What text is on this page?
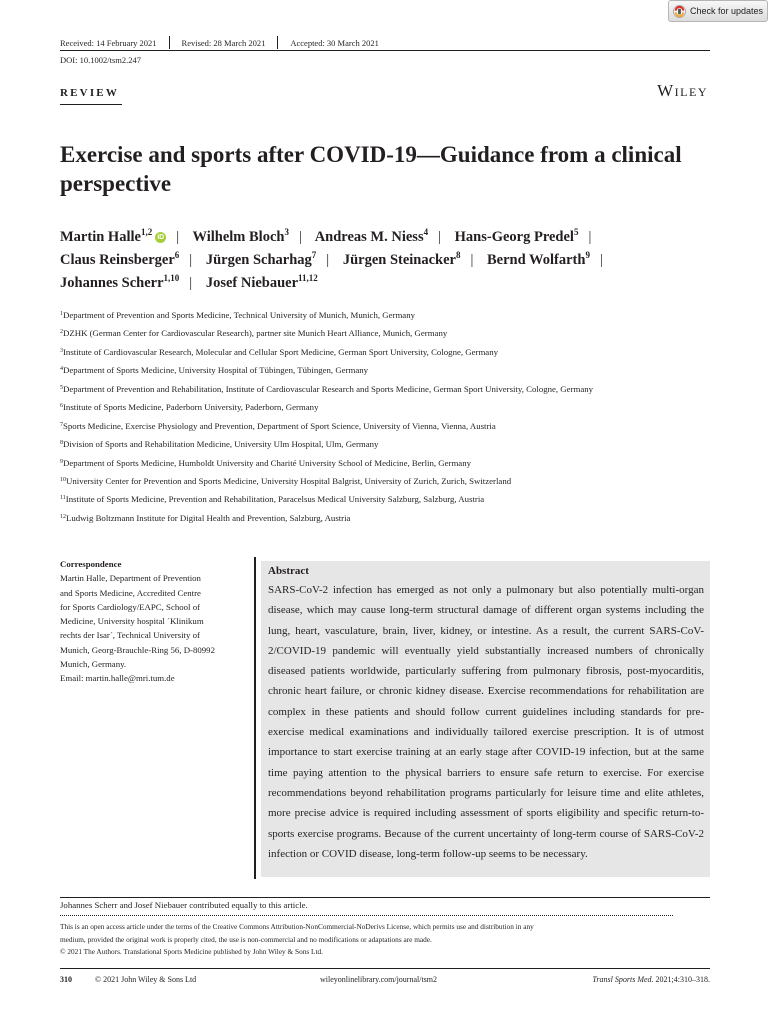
Check for updates
Received: 14 February 2021	Revised: 28 March 2021	Accepted: 30 March 2021
DOI: 10.1002/tsm2.247
REVIEW	Wiley
Exercise and sports after COVID-19—Guidance from a clinical perspective
Martin Halle$^{1,2}$iD | Wilhelm Bloch$^3$ | Andreas M. Niess$^4$ | Hans-Georg Predel$^5$ |
Claus Reinsberger$^6$ | Jürgen Scharhag$^7$ | Jürgen Steinacker$^8$ | Bernd Wolfarth$^9$ |
Johannes Scherr$^{1,10}$ | Josef Niebauer$^{11,12}$
$^1$Department of Prevention and Sports Medicine, Technical University of Munich, Munich, Germany
$^2$DZHK (German Center for Cardiovascular Research), partner site Munich Heart Alliance, Munich, Germany
$^3$Institute of Cardiovascular Research, Molecular and Cellular Sport Medicine, German Sport University, Cologne, Germany
$^4$Department of Sports Medicine, University Hospital of Tübingen, Tübingen, Germany
$^5$Department of Prevention and Rehabilitation, Institute of Cardiovascular Research and Sports Medicine, German Sport University, Cologne, Germany
$^6$Institute of Sports Medicine, Paderborn University, Paderborn, Germany
$^7$Sports Medicine, Exercise Physiology and Prevention, Department of Sport Science, University of Vienna, Vienna, Austria
$^8$Division of Sports and Rehabilitation Medicine, University Ulm Hospital, Ulm, Germany
$^9$Department of Sports Medicine, Humboldt University and Charité University School of Medicine, Berlin, Germany
$^{10}$University Center for Prevention and Sports Medicine, University Hospital Balgrist, University of Zurich, Zurich, Switzerland
$^{11}$Institute of Sports Medicine, Prevention and Rehabilitation, Paracelsus Medical University Salzburg, Salzburg, Austria
$^{12}$Ludwig Boltzmann Institute for Digital Health and Prevention, Salzburg, Austria
Correspondence
Martin Halle, Department of Prevention
and Sports Medicine, Accredited Centre
for Sports Cardiology/EAPC, School of
Medicine, University hospital ´Klinikum
rechts der Isar´, Technical University of
Munich, Georg-Brauchle-Ring 56, D-80992
Munich, Germany.
Email: martin.halle@mri.tum.de
Abstract

SARS-CoV-2 infection has emerged as not only a pulmonary but also potentially multi-organ disease, which may cause long-term structural damage of different organ systems including the lung, heart, vasculature, brain, liver, kidney, or intestine. As a result, the current SARS-CoV-2/COVID-19 pandemic will eventually yield substantially increased numbers of chronically diseased patients worldwide, particularly suffering from pulmonary fibrosis, post-myocarditis, chronic heart failure, or chronic kidney disease. Exercise recommendations for rehabilitation are complex in these patients and should follow current guidelines including standards for pre-exercise medical examinations and individually tailored exercise prescription. It is of utmost importance to start exercise training at an early stage after COVID-19 infection, but at the same time paying attention to the physical barriers to ensure safe return to exercise. For exercise recommendations beyond rehabilitation programs particularly for leisure time and elite athletes, more precise advice is required including assessment of sports eligibility and specific return-to-sports exercise programs. Because of the current uncertainty of long-term course of SARS-CoV-2 infection or COVID disease, long-term follow-up seems to be necessary.

Johannes Scherr and Josef Niebauer contributed equally to this article.
This is an open access article under the terms of the Creative Commons Attribution-NonCommercial-NoDerivs License, which permits use and distribution in any
medium, provided the original work is properly cited, the use is non-commercial and no modifications or adaptations are made.
© 2021 The Authors. Translational Sports Medicine published by John Wiley & Sons Ltd.
310	© 2021 John Wiley & Sons Ltd	wileyonlinelibrary.com/journal/tsm2	Transl Sports Med. 2021;4:310–318.
